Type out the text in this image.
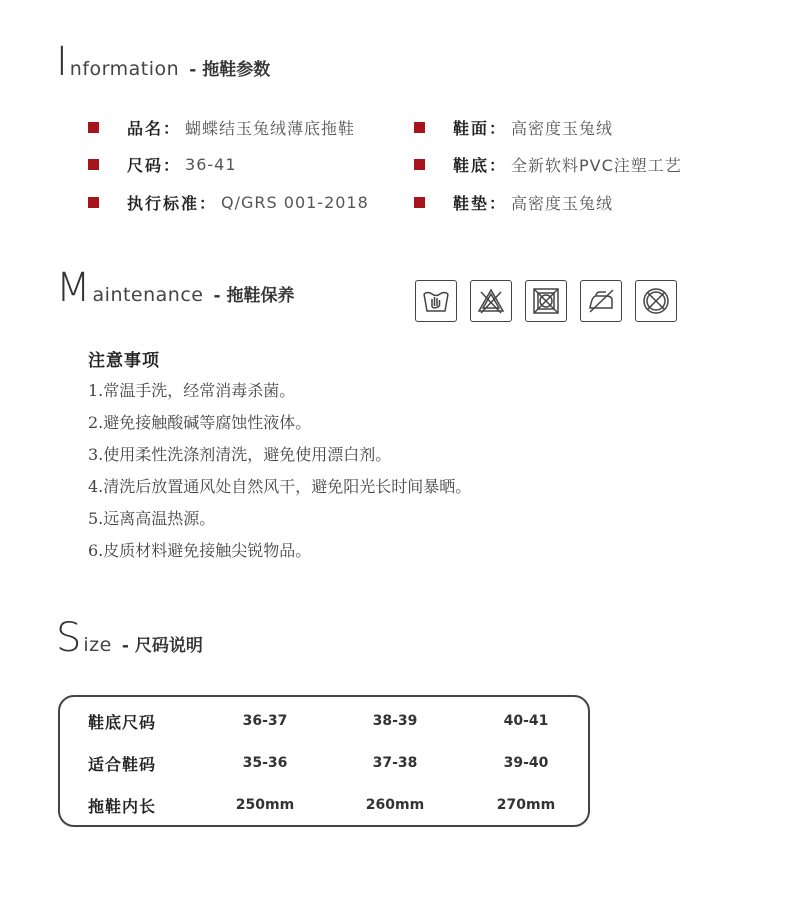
I nformation - 拖鞋参数
品名： 蝴蝶结玉兔绒薄底拖鞋	鞋面： 高密度玉兔绒
尺码： 36-41	鞋底： 全新软料PVC注塑工艺
执行标准： Q/GRS 001-2018	鞋垫： 高密度玉兔绒
M aintenance - 拖鞋保养
注意事项
1.常温手洗，经常消毒杀菌。
2.避免接触酸碱等腐蚀性液体。
3.使用柔性洗涤剂清洗，避免使用漂白剂。
4.清洗后放置通风处自然风干，避免阳光长时间暴晒。
5.远离高温热源。
6.皮质材料避免接触尖锐物品。
S ize - 尺码说明
鞋底尺码	36-37	38-39	40-41
适合鞋码	35-36	37-38	39-40
拖鞋内长	250mm	260mm	270mm
